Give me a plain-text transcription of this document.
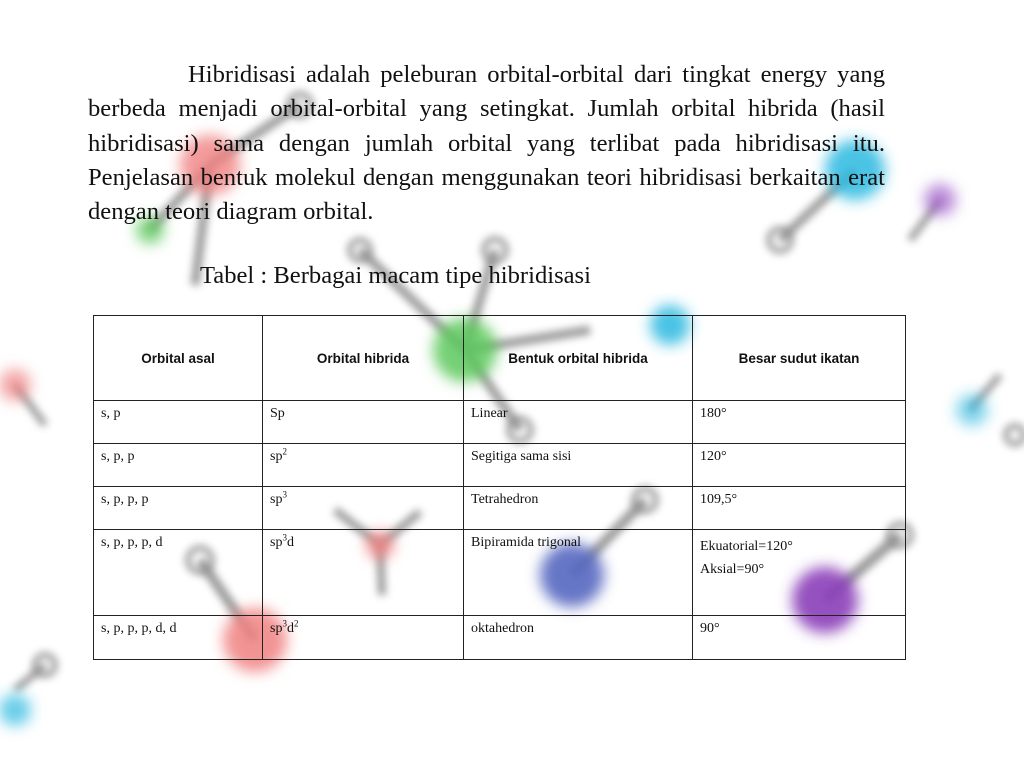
Hibridisasi adalah peleburan orbital-orbital dari tingkat energy yang berbeda menjadi orbital-orbital yang setingkat. Jumlah orbital hibrida (hasil hibridisasi) sama dengan jumlah orbital yang terlibat pada hibridisasi itu. Penjelasan bentuk molekul dengan menggunakan teori hibridisasi berkaitan erat dengan teori diagram orbital.

Tabel : Berbagai macam tipe hibridisasi

Orbital asal	Orbital hibrida	Bentuk orbital hibrida	Besar sudut ikatan
s, p	Sp	Linear	180°
s, p, p	$sp^2$	Segitiga sama sisi	120°
s, p, p, p	$sp^3$	Tetrahedron	109,5°
s, p, p, p, d	$sp^3d$	Bipiramida trigonal	Ekuatorial=120°
Aksial=90°

s, p, p, p, d, d	$sp^3d^2$	oktahedron	90°
